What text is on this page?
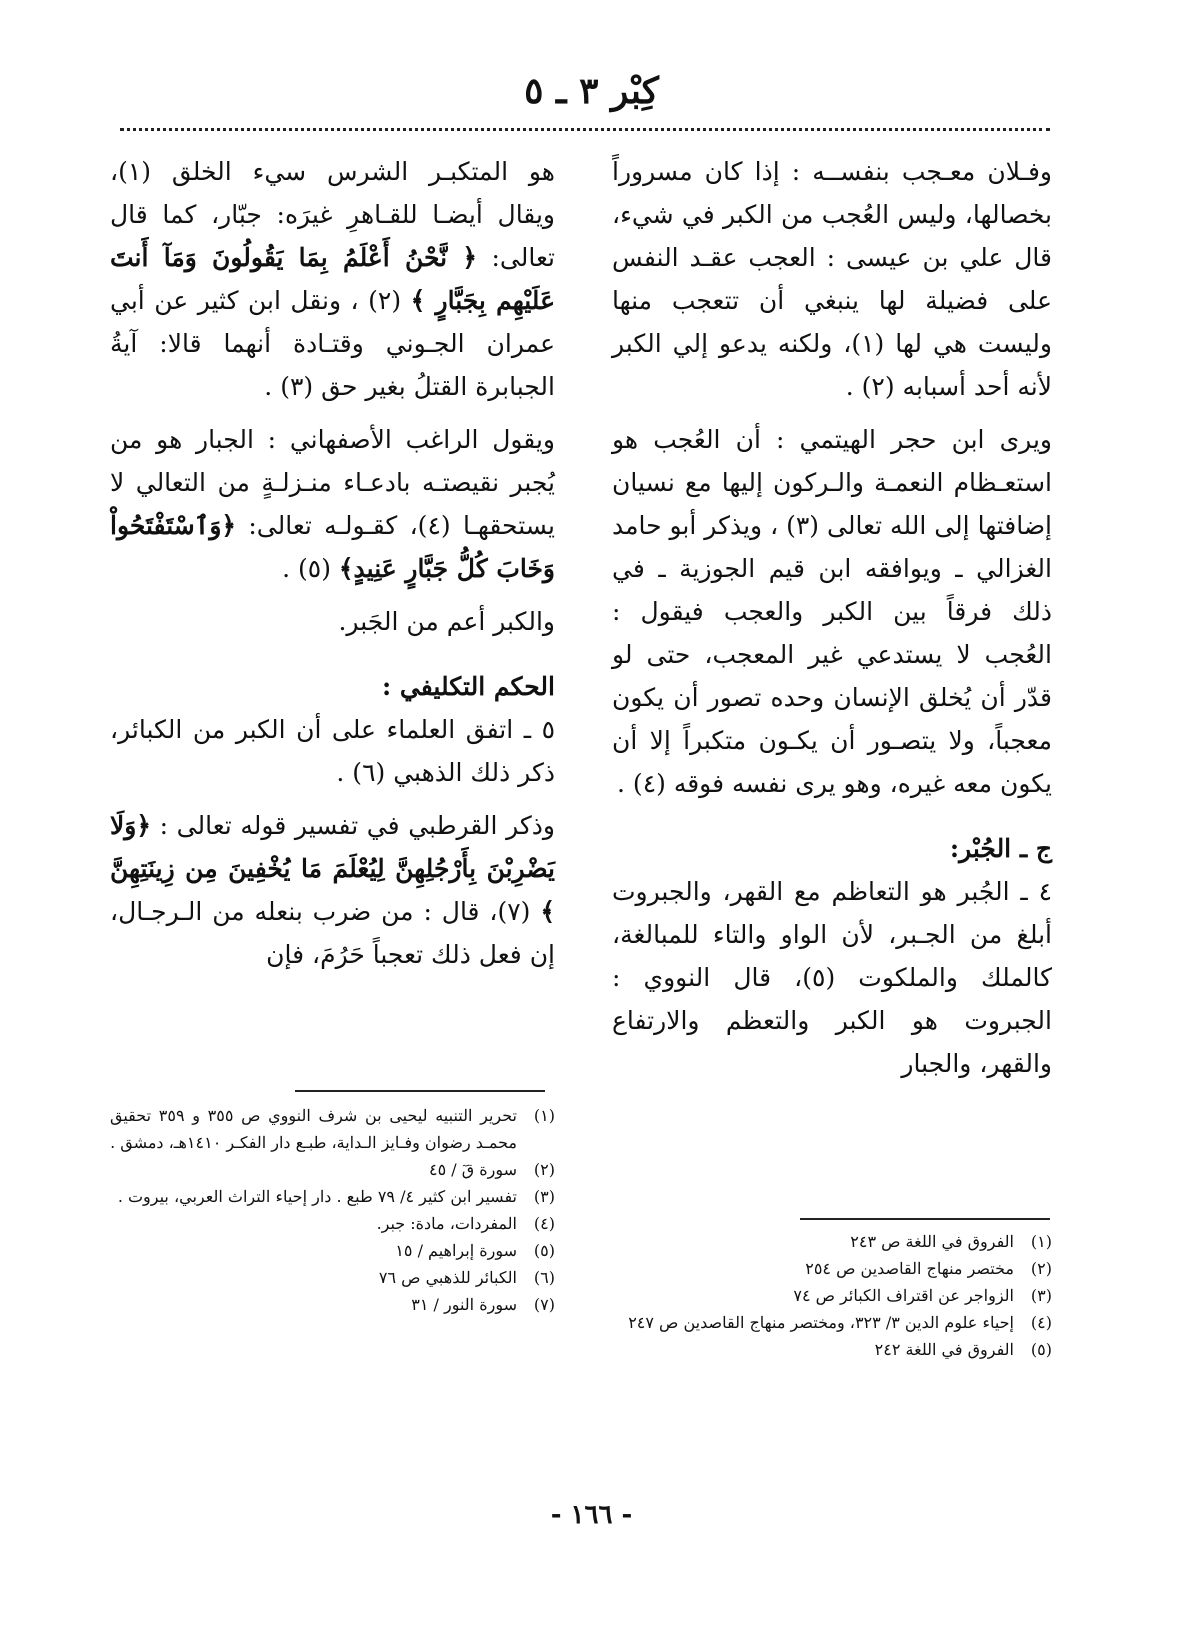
كِبْر ٣ ـ ٥

وفـلان معـجب بنفســه : إذا كان مسروراً بخصالها، وليس العُجب من الكبر في شيء، قال علي بن عيسى : العجب عقـد النفس على فضيلة لها ينبغي أن تتعجب منها وليست هي لها (١)، ولكنه يدعو إلي الكبر لأنه أحد أسبابه (٢) .

ويرى ابن حجر الهيتمي : أن العُجب هو استعـظام النعمـة والـركون إليها مع نسيان إضافتها إلى الله تعالى (٣) ، ويذكر أبو حامد الغزالي ـ ويوافقه ابن قيم الجوزية ـ في ذلك فرقاً بين الكبر والعجب فيقول : العُجب لا يستدعي غير المعجب، حتى لو قدّر أن يُخلق الإنسان وحده تصور أن يكون معجباً، ولا يتصـور أن يكـون متكبراً إلا أن يكون معه غيره، وهو يرى نفسه فوقه (٤) .

ج ـ الجُبْر:

٤ ـ الجُبر هو التعاظم مع القهر، والجبروت أبلغ من الجـبر، لأن الواو والتاء للمبالغة، كالملك والملكوت (٥)، قال النووي : الجبروت هو الكبر والتعظم والارتفاع والقهر، والجبار

هو المتكبـر الشرس سيء الخلق (١)، ويقال أيضـا للقـاهرِ غيرَه: جبّار، كما قال تعالى: ﴿ نَّحْنُ أَعْلَمُ بِمَا يَقُولُونَ وَمَآ أَنتَ عَلَيْهِم بِجَبَّارٍ ﴾ (٢) ، ونقل ابن كثير عن أبي عمران الجـوني وقتـادة أنهما قالا: آيةُ الجبابرة القتلُ بغير حق (٣) .

ويقول الراغب الأصفهاني : الجبار هو من يُجبر نقيصتـه بادعـاء منـزلـةٍ من التعالي لا يستحقهـا (٤)، كقـولـه تعالى: ﴿وَٱسْتَفْتَحُواْ وَخَابَ كُلُّ جَبَّارٍ عَنِيدٍ﴾ (٥) .

والكبر أعم من الجَبر.

الحكم التكليفي :

٥ ـ اتفق العلماء على أن الكبر من الكبائر، ذكر ذلك الذهبي (٦) .

وذكر القرطبي في تفسير قوله تعالى : ﴿وَلَا يَضْرِبْنَ بِأَرْجُلِهِنَّ لِيُعْلَمَ مَا يُخْفِينَ مِن زِينَتِهِنَّ ﴾ (٧)، قال : من ضرب بنعله من الـرجـال، إن فعل ذلك تعجباً حَرُمَ، فإن

(١)
تحرير التنبيه ليحيى بن شرف النووي ص ٣٥٥ و ٣٥٩ تحقيق محمـد رضوان وفـايز الـداية، طبـع دار الفكـر ١٤١٠هـ، دمشق .
(٢)
سورة قٓ / ٤٥
(٣)
تفسير ابن كثير ٤/ ٧٩ طبع . دار إحياء التراث العربي، بيروت .
(٤)
المفردات، مادة: جبر.
(٥)
سورة إبراهيم / ١٥
(٦)
الكبائر للذهبي ص ٧٦
(٧)
سورة النور / ٣١
(١)
الفروق في اللغة ص ٢٤٣
(٢)
مختصر منهاج القاصدين ص ٢٥٤
(٣)
الزواجر عن اقتراف الكبائر ص ٧٤
(٤)
إحياء علوم الدين ٣/ ٣٢٣، ومختصر منهاج القاصدين ص ٢٤٧
(٥)
الفروق في اللغة ٢٤٢
- ١٦٦ -
